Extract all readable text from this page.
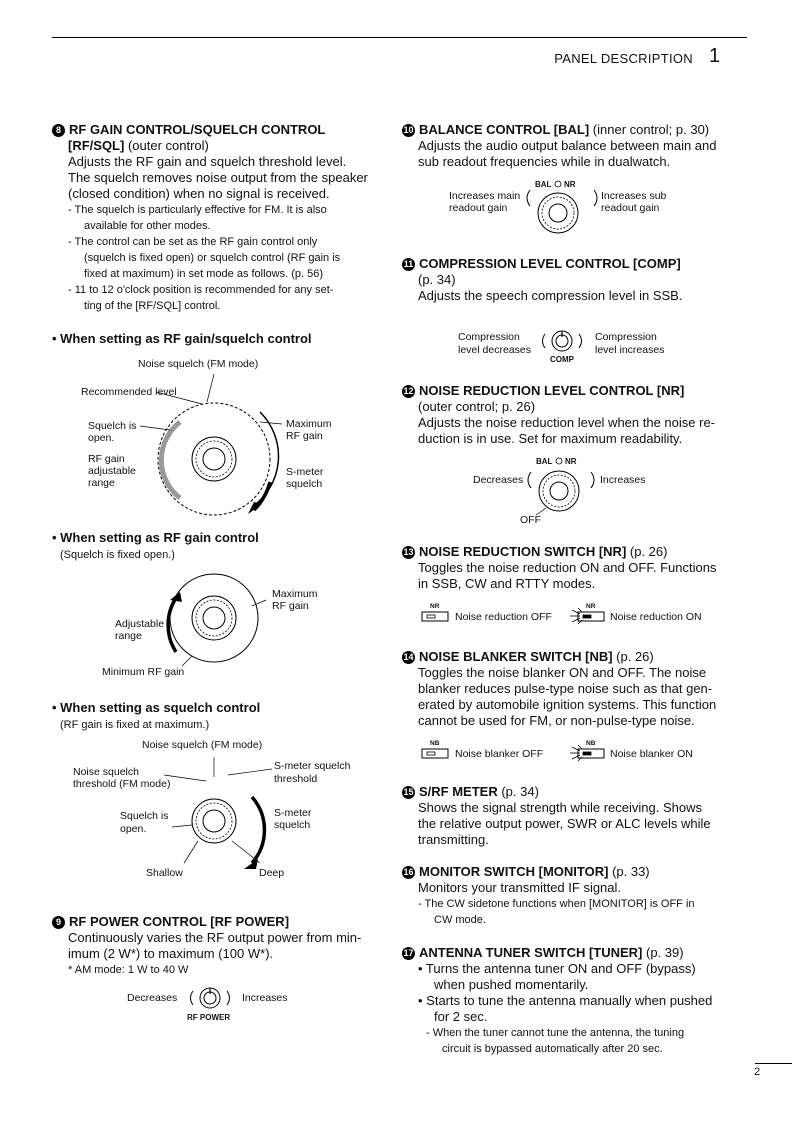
PANEL DESCRIPTION 1
8 RF GAIN CONTROL/SQUELCH CONTROL
[RF/SQL] (outer control)
Adjusts the RF gain and squelch threshold level.
The squelch removes noise output from the speaker
(closed condition) when no signal is received.
- The squelch is particularly effective for FM. It is also
available for other modes.
- The control can be set as the RF gain control only
(squelch is fixed open) or squelch control (RF gain is
fixed at maximum) in set mode as follows. (p. 56)
- 11 to 12 o'clock position is recommended for any set-
ting of the [RF/SQL] control.
• When setting as RF gain/squelch control
Noise squelch (FM mode)
Recommended level
Squelch is
open.
RF gain
adjustable
range
Maximum
RF gain
S-meter
squelch
• When setting as RF gain control
(Squelch is fixed open.)
Maximum
RF gain
Adjustable
range
Minimum RF gain
• When setting as squelch control
(RF gain is fixed at maximum.)
Noise squelch (FM mode)
S-meter squelch
threshold
Noise squelch
threshold (FM mode)
Squelch is
open.
S-meter
squelch
Shallow	Deep
9 RF POWER CONTROL [RF POWER]
Continuously varies the RF output power from min-
imum (2 W*) to maximum (100 W*).
* AM mode: 1 W to 40 W
Decreases	Increases
RF POWER
10 BALANCE CONTROL [BAL] (inner control; p. 30)
Adjusts the audio output balance between main and
sub readout frequencies while in dualwatch.
BAL NR
Increases main
readout gain
Increases sub
readout gain
11 COMPRESSION LEVEL CONTROL [COMP]
(p. 34)
Adjusts the speech compression level in SSB.
Compression
level decreases
Compression
level increases
COMP
12 NOISE REDUCTION LEVEL CONTROL [NR]
(outer control; p. 26)
Adjusts the noise reduction level when the noise re-
duction is in use. Set for maximum readability.
BAL NR
Decreases	Increases
OFF
13 NOISE REDUCTION SWITCH [NR] (p. 26)
Toggles the noise reduction ON and OFF. Functions
in SSB, CW and RTTY modes.
NR	NR
Noise reduction OFF	Noise reduction ON
14 NOISE BLANKER SWITCH [NB] (p. 26)
Toggles the noise blanker ON and OFF. The noise
blanker reduces pulse-type noise such as that gen-
erated by automobile ignition systems. This function
cannot be used for FM, or non-pulse-type noise.
NB	NB
Noise blanker OFF	Noise blanker ON
15 S/RF METER (p. 34)
Shows the signal strength while receiving. Shows
the relative output power, SWR or ALC levels while
transmitting.
16 MONITOR SWITCH [MONITOR] (p. 33)
Monitors your transmitted IF signal.
- The CW sidetone functions when [MONITOR] is OFF in
CW mode.
17 ANTENNA TUNER SWITCH [TUNER] (p. 39)
• Turns the antenna tuner ON and OFF (bypass)
when pushed momentarily.
• Starts to tune the antenna manually when pushed
for 2 sec.
- When the tuner cannot tune the antenna, the tuning
circuit is bypassed automatically after 20 sec.
2
